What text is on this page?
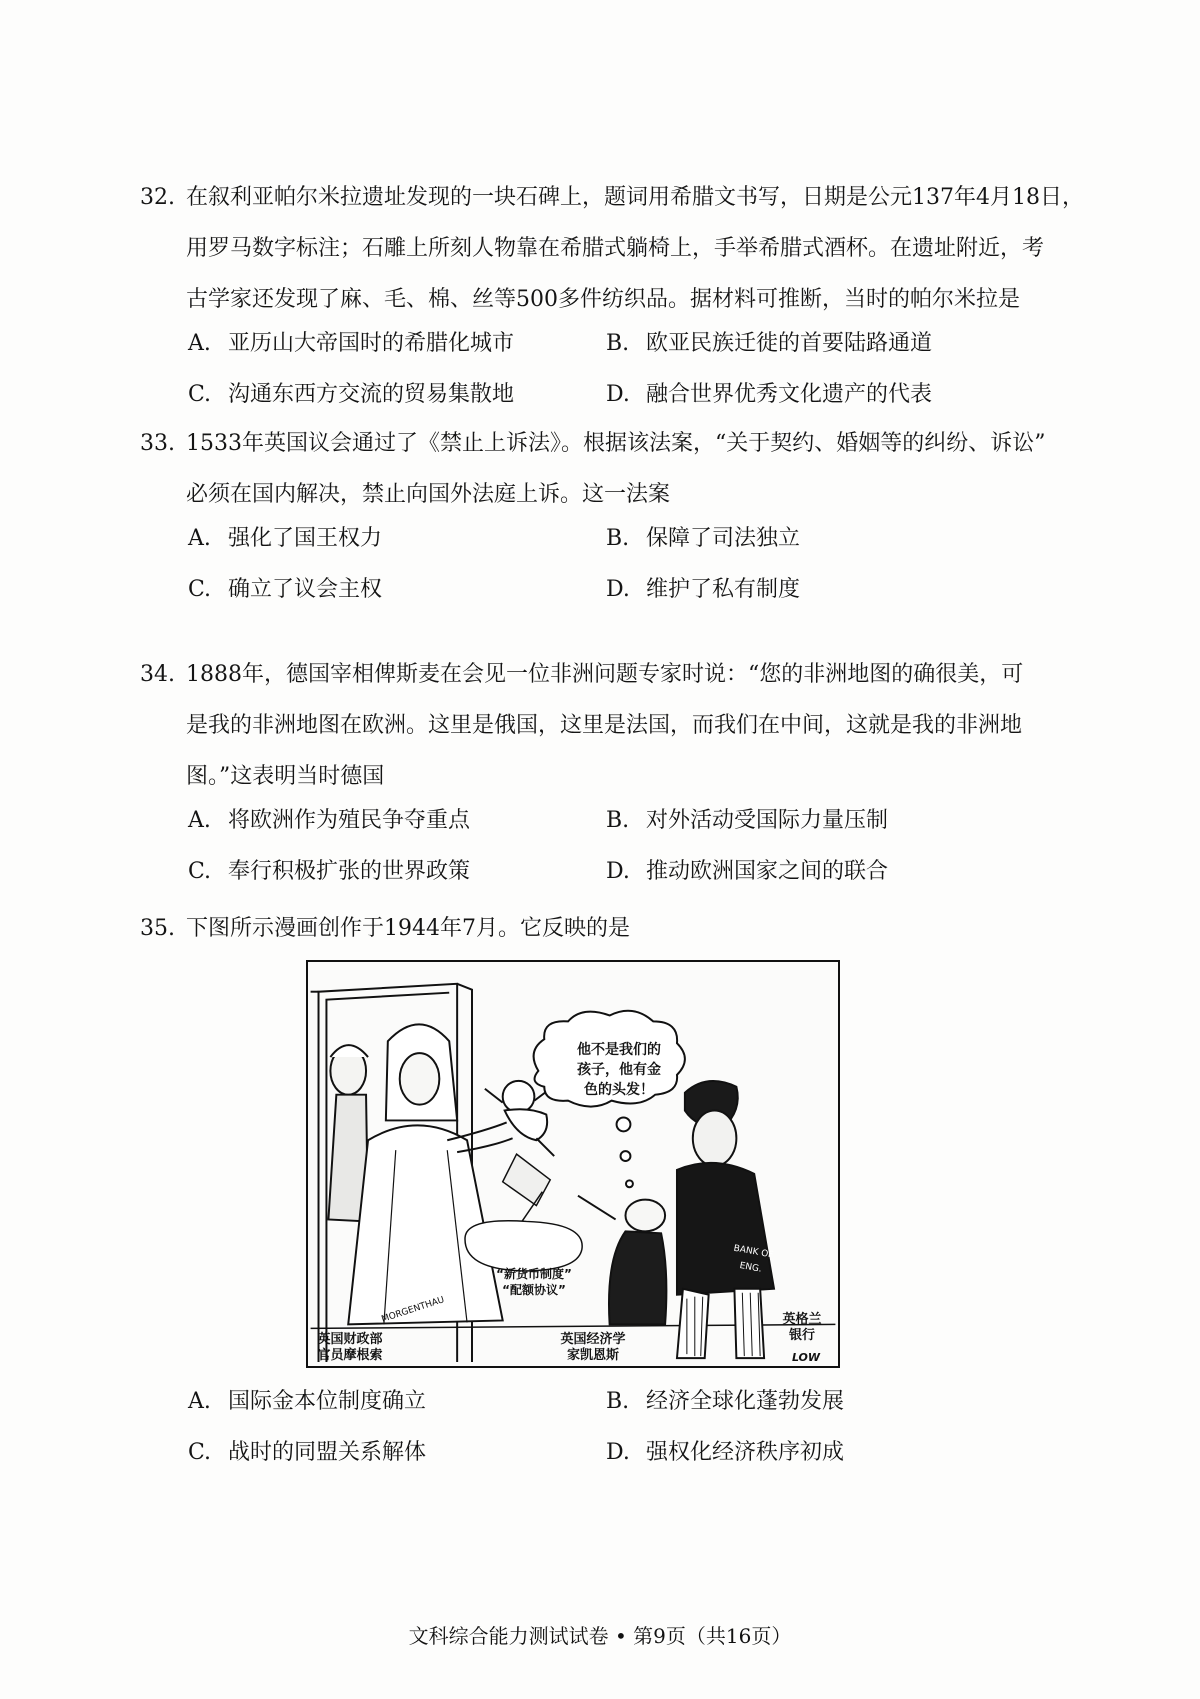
32. 在叙利亚帕尔米拉遗址发现的一块石碑上，题词用希腊文书写，日期是公元137年4月18日，
用罗马数字标注；石雕上所刻人物靠在希腊式躺椅上，手举希腊式酒杯。在遗址附近，考
古学家还发现了麻、毛、棉、丝等500多件纺织品。据材料可推断，当时的帕尔米拉是
A. 亚历山大帝国时的希腊化城市	B. 欧亚民族迁徙的首要陆路通道
C. 沟通东西方交流的贸易集散地	D. 融合世界优秀文化遗产的代表
33. 1533年英国议会通过了《禁止上诉法》。根据该法案，“关于契约、婚姻等的纠纷、诉讼”
必须在国内解决，禁止向国外法庭上诉。这一法案
A. 强化了国王权力	B. 保障了司法独立
C. 确立了议会主权	D. 维护了私有制度
34. 1888年，德国宰相俾斯麦在会见一位非洲问题专家时说：“您的非洲地图的确很美，可
是我的非洲地图在欧洲。这里是俄国，这里是法国，而我们在中间，这就是我的非洲地
图。”这表明当时德国
A. 将欧洲作为殖民争夺重点	B. 对外活动受国际力量压制
C. 奉行积极扩张的世界政策	D. 推动欧洲国家之间的联合
35. 下图所示漫画创作于1944年7月。它反映的是
他不是我们的
孩子，他有金
色的头发！
“新货币制度”
“配额协议”
MORGENTHAU
BANK OF
ENG.
英国财政部
官员摩根索
英国经济学
家凯恩斯
英格兰
银行
LOW
A. 国际金本位制度确立	B. 经济全球化蓬勃发展
C. 战时的同盟关系解体	D. 强权化经济秩序初成
文科综合能力测试试卷 • 第9页（共16页）
